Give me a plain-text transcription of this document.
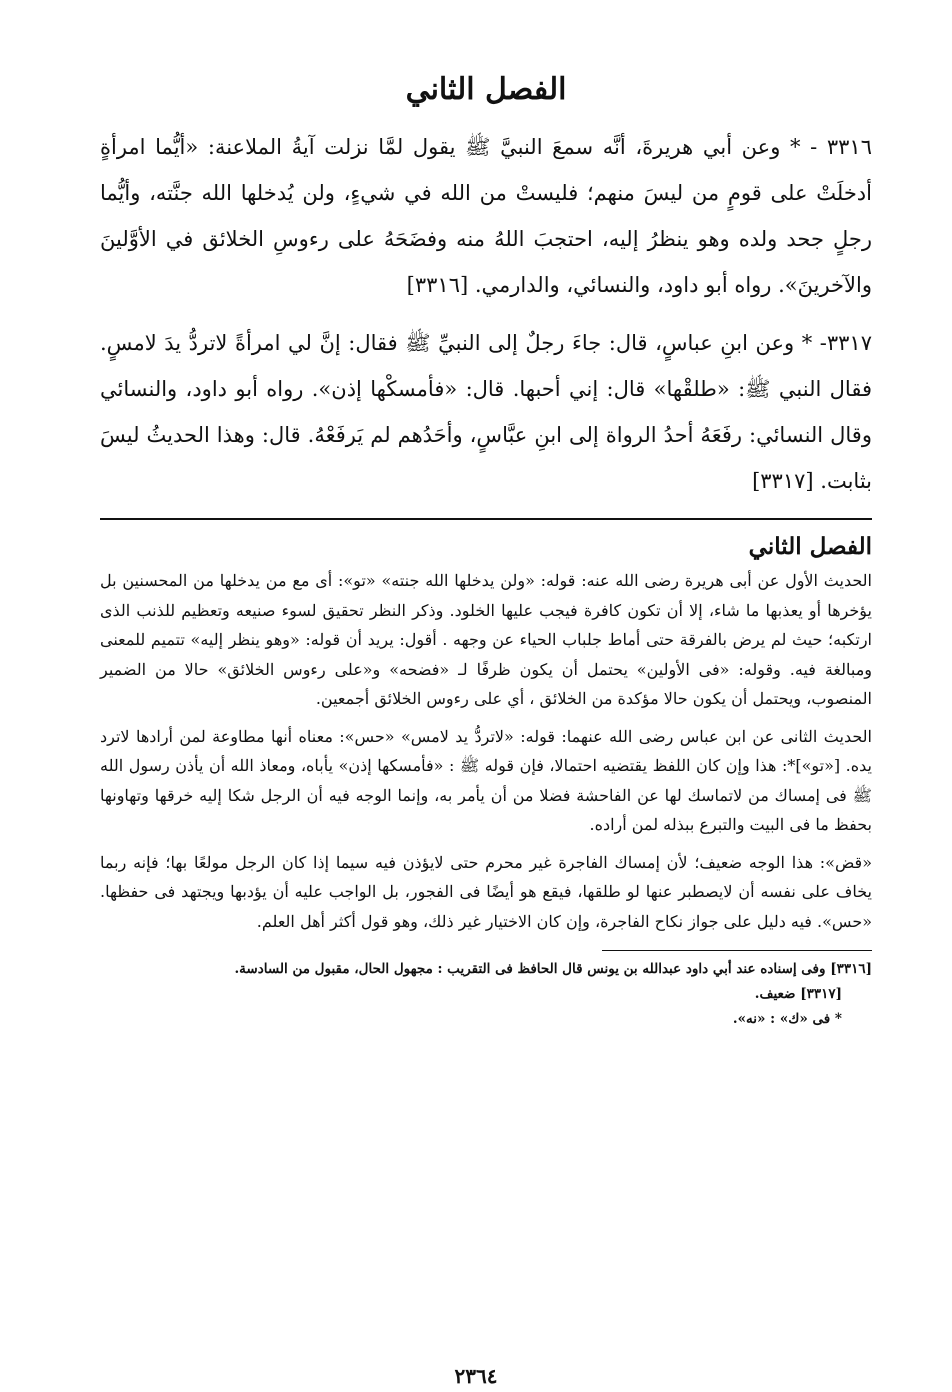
الفصل الثاني

٣٣١٦ - * وعن أبي هريرةَ، أنَّه سمعَ النبيَّ ﷺ يقول لمَّا نزلت آيةُ الملاعنة: «أيُّما امرأةٍ أدخلَتْ على قومٍ من ليسَ منهم؛ فليستْ من الله في شيءٍ، ولن يُدخلها الله جنَّته، وأيُّما رجلٍ جحد ولده وهو ينظرُ إليه، احتجبَ اللهُ منه وفضَحَهُ على رءوسِ الخلائق في الأوَّلينَ والآخرينَ». رواه أبو داود، والنسائي، والدارمي. [٣٣١٦]

٣٣١٧- * وعن ابنِ عباسٍ، قال: جاءَ رجلٌ إلى النبيِّ ﷺ فقال: إنَّ لي امرأةً لاتردُّ يدَ لامسٍ. فقال النبي ﷺ: «طلقْها» قال: إني أحبها. قال: «فأمسكْها إذن». رواه أبو داود، والنسائي وقال النسائي: رفَعَهُ أحدُ الرواة إلى ابنِ عبَّاسٍ، وأحَدُهم لم يَرفَعْهُ. قال: وهذا الحديثُ ليسَ بثابت. [٣٣١٧]

الفصل الثاني

الحديث الأول عن أبى هريرة رضى الله عنه: قوله: «ولن يدخلها الله جنته» «تو»: أى مع من يدخلها من المحسنين بل يؤخرها أو يعذبها ما شاء، إلا أن تكون كافرة فيجب عليها الخلود. وذكر النظر تحقيق لسوء صنيعه وتعظيم للذنب الذى ارتكبه؛ حيث لم يرض بالفرقة حتى أماط جلباب الحياء عن وجهه . أقول: يريد أن قوله: «وهو ينظر إليه» تتميم للمعنى ومبالغة فيه. وقوله: «فى الأولين» يحتمل أن يكون ظرفًا لـ «فضحه» و«على رءوس الخلائق» حالا من الضمير المنصوب، ويحتمل أن يكون حالا مؤكدة من الخلائق ، أي على رءوس الخلائق أجمعين.

الحديث الثانى عن ابن عباس رضى الله عنهما: قوله: «لاتردُّ يد لامس» «حس»: معناه أنها مطاوعة لمن أرادها لاترد يده. [«تو»]*: هذا وإن كان اللفظ يقتضيه احتمالا، فإن قوله ﷺ : «فأمسكها إذن» يأباه، ومعاذ الله أن يأذن رسول الله ﷺ فى إمساك من لاتماسك لها عن الفاحشة فضلا من أن يأمر به، وإنما الوجه فيه أن الرجل شكا إليه خرقها وتهاونها بحفظ ما فى البيت والتبرع ببذله لمن أراده.

«قض»: هذا الوجه ضعيف؛ لأن إمساك الفاجرة غير محرم حتى لايؤذن فيه سيما إذا كان الرجل مولعًا بها؛ فإنه ربما يخاف على نفسه أن لايصطبر عنها لو طلقها، فيقع هو أيضًا فى الفجور، بل الواجب عليه أن يؤدبها ويجتهد فى حفظها. «حس». فيه دليل على جواز نكاح الفاجرة، وإن كان الاختيار غير ذلك، وهو قول أكثر أهل العلم.

[٣٣١٦] وفى إسناده عند أبي داود عبدالله بن يونس قال الحافظ فى التقريب : مجهول الحال، مقبول من السادسة.

[٣٣١٧] ضعيف.

* فى «ك» : «نه».

٢٣٦٤
